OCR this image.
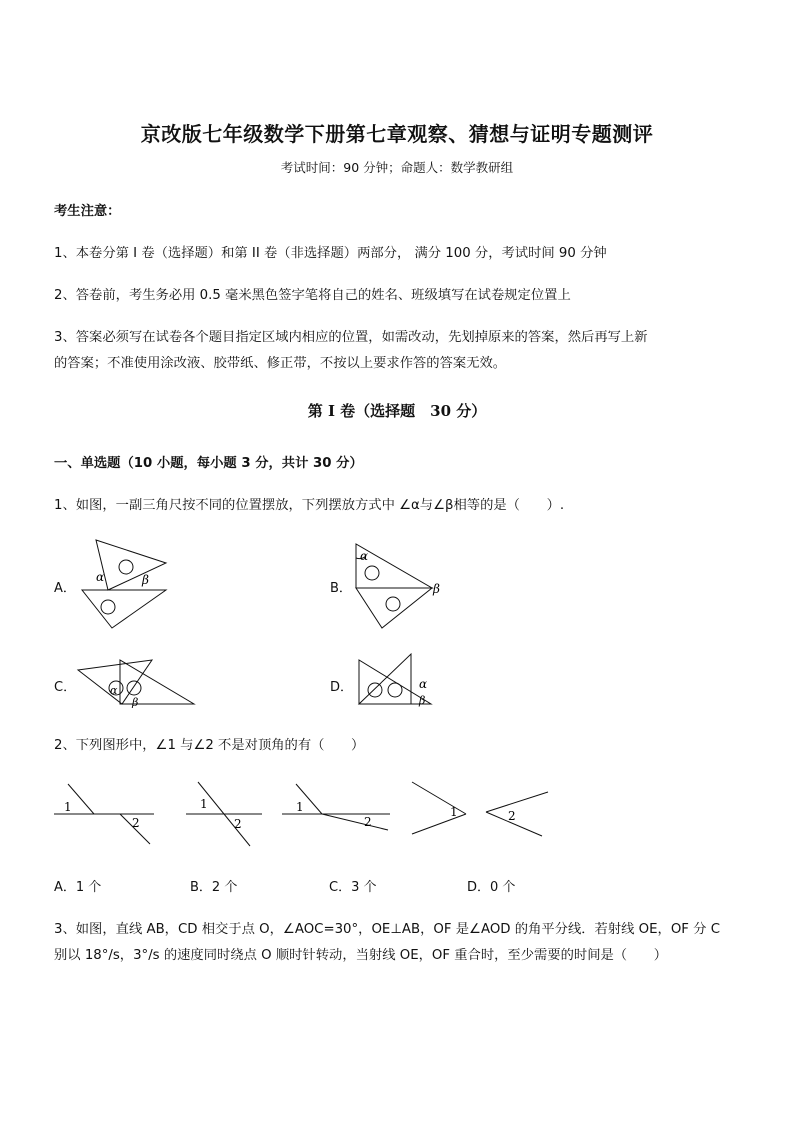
京改版七年级数学下册第七章观察、猜想与证明专题测评
考试时间：90 分钟；命题人：数学教研组
考生注意：
1、本卷分第 I 卷（选择题）和第 II 卷（非选择题）两部分， 满分 100 分，考试时间 90 分钟
2、答卷前，考生务必用 0.5 毫米黑色签字笔将自己的姓名、班级填写在试卷规定位置上
3、答案必须写在试卷各个题目指定区域内相应的位置，如需改动，先划掉原来的答案，然后再写上新
的答案；不准使用涂改液、胶带纸、修正带，不按以上要求作答的答案无效。
第 I 卷（选择题　30 分）
一、单选题（10 小题，每小题 3 分，共计 30 分）
1、如图，一副三角尺按不同的位置摆放，下列摆放方式中 ∠α与∠β相等的是（　　）.
A．
α	β
B．
α
β
C．	α
β
D．	α
β
2、下列图形中，∠1 与∠2 不是对顶角的有（　　）
1
2
1
2
1
2
1	2
A．1 个	B．2 个	C．3 个	D．0 个
3、如图，直线 AB，CD 相交于点 O，∠AOC=30°，OE⊥AB，OF 是∠AOD 的角平分线．若射线 OE，OF 分 C
别以 18°/s，3°/s 的速度同时绕点 O 顺时针转动，当射线 OE，OF 重合时，至少需要的时间是（　　）
